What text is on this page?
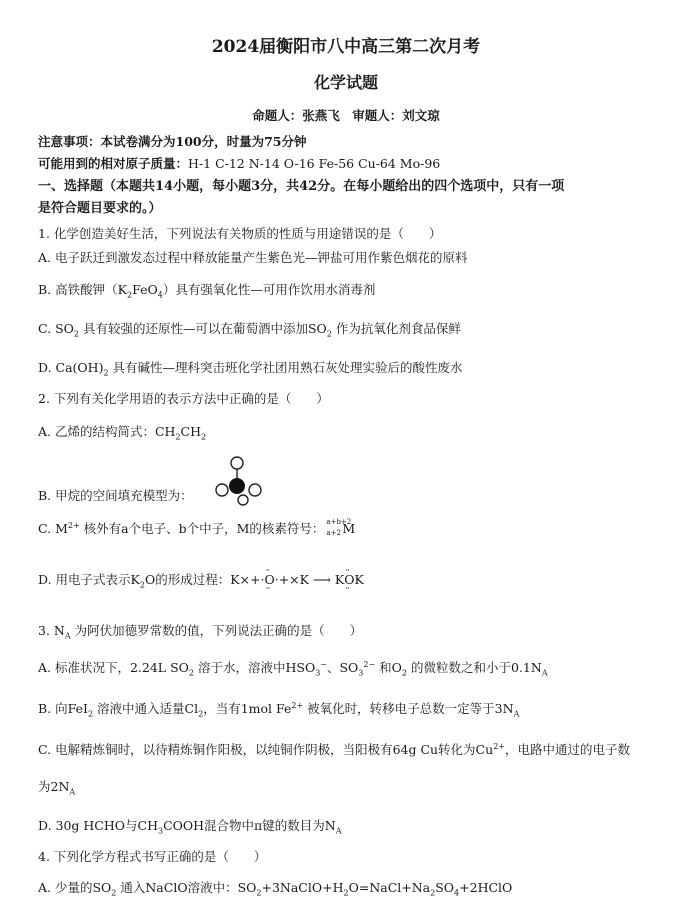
2024届衡阳市八中高三第二次月考
化学试题
命题人：张燕飞　审题人：刘文琼
注意事项：本试卷满分为100分，时量为75分钟
可能用到的相对原子质量：H-1 C-12 N-14 O-16 Fe-56 Cu-64 Mo-96
一、选择题（本题共14小题，每小题3分，共42分。在每小题给出的四个选项中，只有一项
是符合题目要求的。）
1. 化学创造美好生活，下列说法有关物质的性质与用途错误的是（　　）
A. 电子跃迁到激发态过程中释放能量产生紫色光—钾盐可用作紫色烟花的原料
B. 高铁酸钾$(K_2FeO_4)$具有强氧化性—可用作饮用水消毒剂
C. $SO_2$ 具有较强的还原性—可以在葡萄酒中添加$SO_2$ 作为抗氧化剂食品保鲜
D. $Ca(OH)_2$ 具有碱性—理科突击班化学社团用熟石灰处理实验后的酸性废水
2. 下列有关化学用语的表示方法中正确的是（　　）
A. 乙烯的结构简式：$CH_2CH_2$
B. 甲烷的空间填充模型为：
C. $M^{2+}$ 核外有a个电子、b个中子，M的核素符号： a+b+2
a+2 M
D. 用电子式表示$K_2O$的形成过程：K×+··· O ···+×K ⟶ K·· O ··K
3. $N_A$ 为阿伏加德罗常数的值，下列说法正确的是（　　）
A. 标准状况下，2.24L $SO_2$ 溶于水，溶液中$HSO_3^-$、$SO_3^{2-}$ 和$O_2$ 的微粒数之和小于$0.1N_A$
B. 向FeI$_2$ 溶液中通入适量$Cl_2$，当有1mol $Fe^{2+}$ 被氧化时，转移电子总数一定等于$3N_A$
C. 电解精炼铜时，以待精炼铜作阳极，以纯铜作阴极，当阳极有64g Cu转化为$Cu^{2+}$，电路中通过的电子数
为$2N_A$
D. 30g HCHO与$CH_3COOH$混合物中π键的数目为$N_A$
4. 下列化学方程式书写正确的是（　　）
A. 少量的$SO_2$ 通入NaClO溶液中：$SO_2+3NaClO+H_2O=NaCl+Na_2SO_4+2HClO$
